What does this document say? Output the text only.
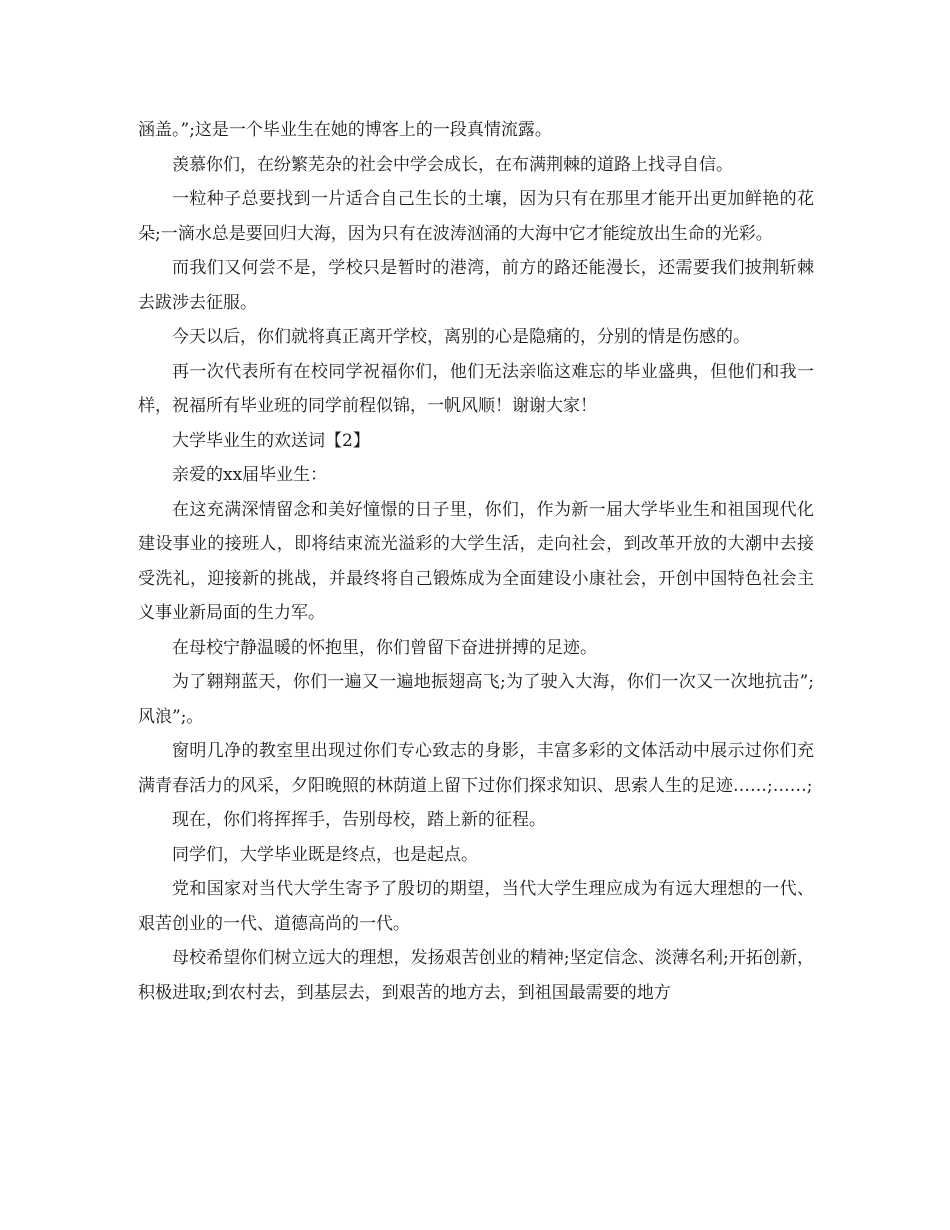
涵盖。”;这是一个毕业生在她的博客上的一段真情流露。

羡慕你们，在纷繁芜杂的社会中学会成长，在布满荆棘的道路上找寻自信。

一粒种子总要找到一片适合自己生长的土壤，因为只有在那里才能开出更加鲜艳的花朵;一滴水总是要回归大海，因为只有在波涛汹涌的大海中它才能绽放出生命的光彩。

而我们又何尝不是，学校只是暂时的港湾，前方的路还能漫长，还需要我们披荆斩棘去跋涉去征服。

今天以后，你们就将真正离开学校，离别的心是隐痛的，分别的情是伤感的。

再一次代表所有在校同学祝福你们，他们无法亲临这难忘的毕业盛典，但他们和我一样，祝福所有毕业班的同学前程似锦，一帆风顺！谢谢大家！

大学毕业生的欢送词【2】

亲爱的xx届毕业生：

在这充满深情留念和美好憧憬的日子里，你们，作为新一届大学毕业生和祖国现代化建设事业的接班人，即将结束流光溢彩的大学生活，走向社会，到改革开放的大潮中去接受洗礼，迎接新的挑战，并最终将自己锻炼成为全面建设小康社会，开创中国特色社会主义事业新局面的生力军。

在母校宁静温暖的怀抱里，你们曾留下奋进拼搏的足迹。

为了翱翔蓝天，你们一遍又一遍地振翅高飞;为了驶入大海，你们一次又一次地抗击”;风浪”;。

窗明几净的教室里出现过你们专心致志的身影，丰富多彩的文体活动中展示过你们充满青春活力的风采，夕阳晚照的林荫道上留下过你们探求知识、思索人生的足迹……;……;

现在，你们将挥挥手，告别母校，踏上新的征程。

同学们，大学毕业既是终点，也是起点。

党和国家对当代大学生寄予了殷切的期望，当代大学生理应成为有远大理想的一代、艰苦创业的一代、道德高尚的一代。

母校希望你们树立远大的理想，发扬艰苦创业的精神;坚定信念、淡薄名利;开拓创新，积极进取;到农村去，到基层去，到艰苦的地方去，到祖国最需要的地方
